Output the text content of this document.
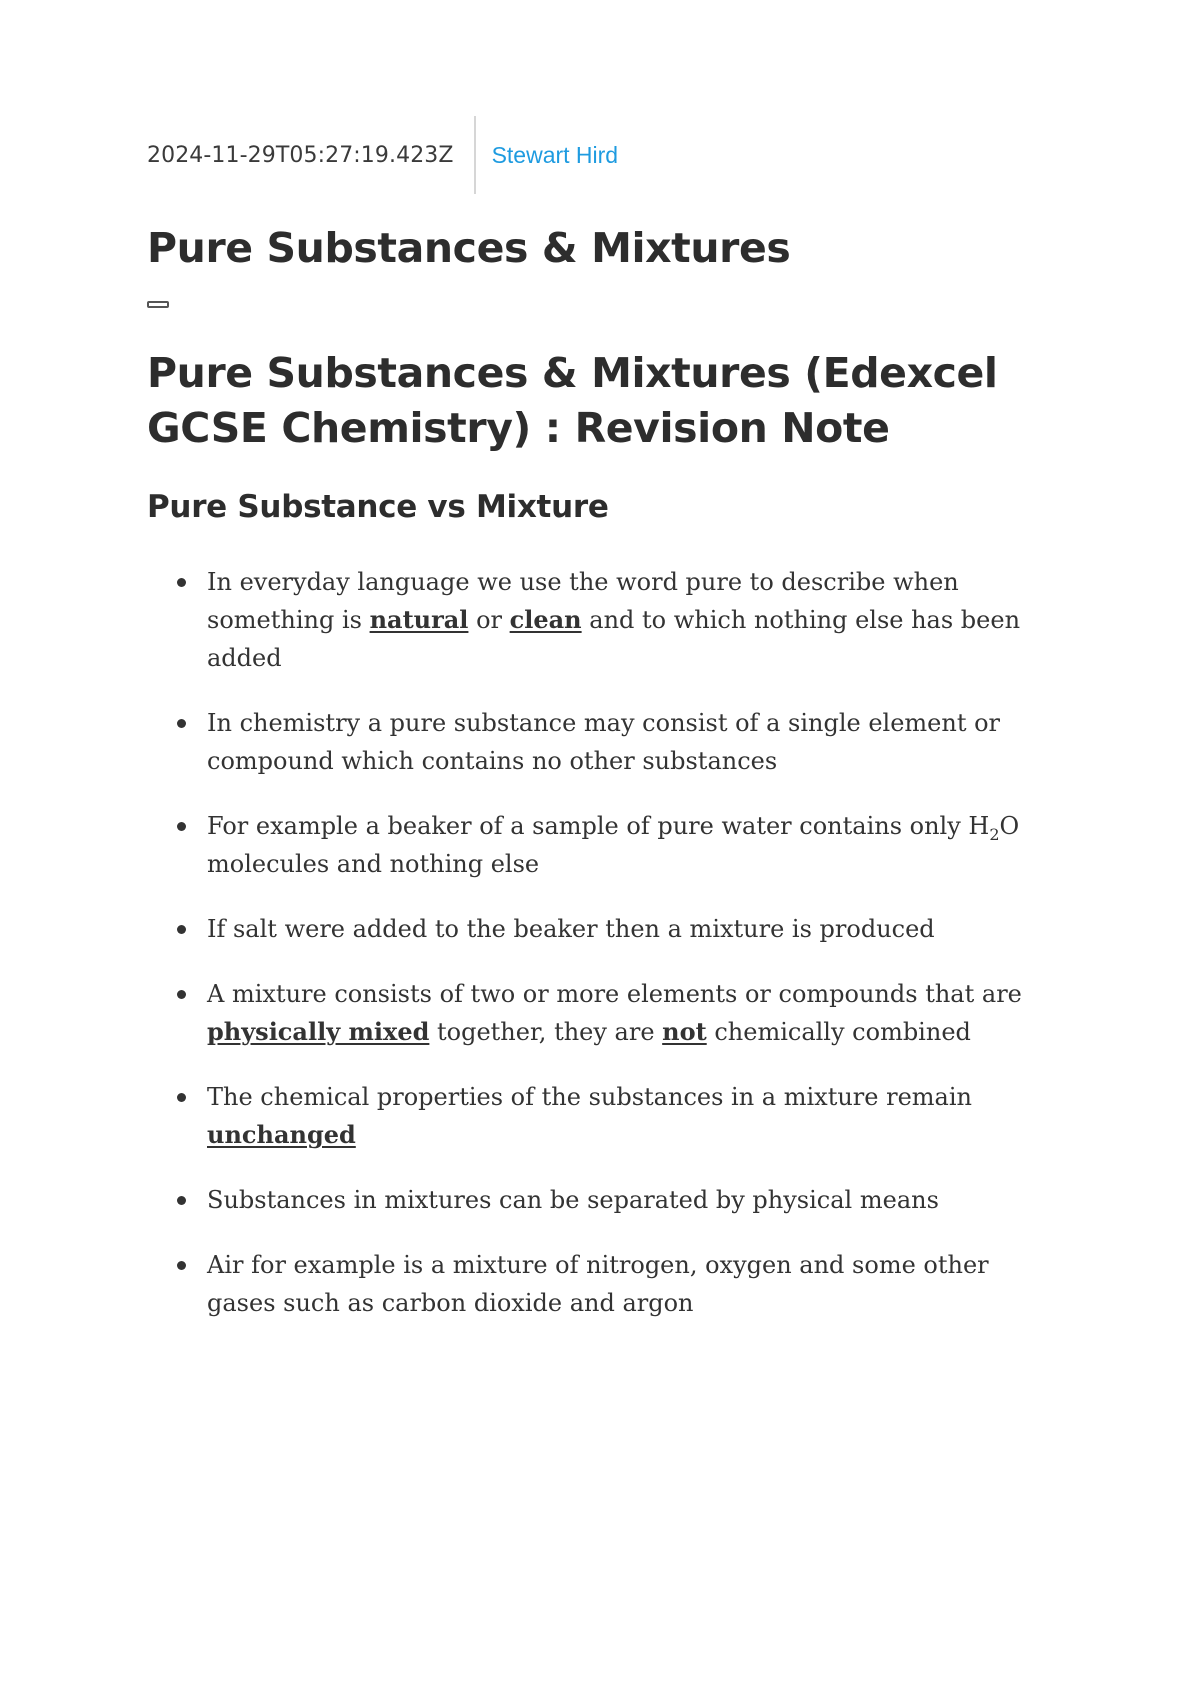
2024-11-29T05:27:19.423Z Stewart Hird
Pure Substances & Mixtures
Pure Substances & Mixtures (Edexcel GCSE Chemistry) : Revision Note
Pure Substance vs Mixture
In everyday language we use the word pure to describe when something is natural or clean and to which nothing else has been added
In chemistry a pure substance may consist of a single element or compound which contains no other substances
For example a beaker of a sample of pure water contains only $H_2O$ molecules and nothing else
If salt were added to the beaker then a mixture is produced
A mixture consists of two or more elements or compounds that are physically mixed together, they are not chemically combined
The chemical properties of the substances in a mixture remain unchanged
Substances in mixtures can be separated by physical means
Air for example is a mixture of nitrogen, oxygen and some other gases such as carbon dioxide and argon
